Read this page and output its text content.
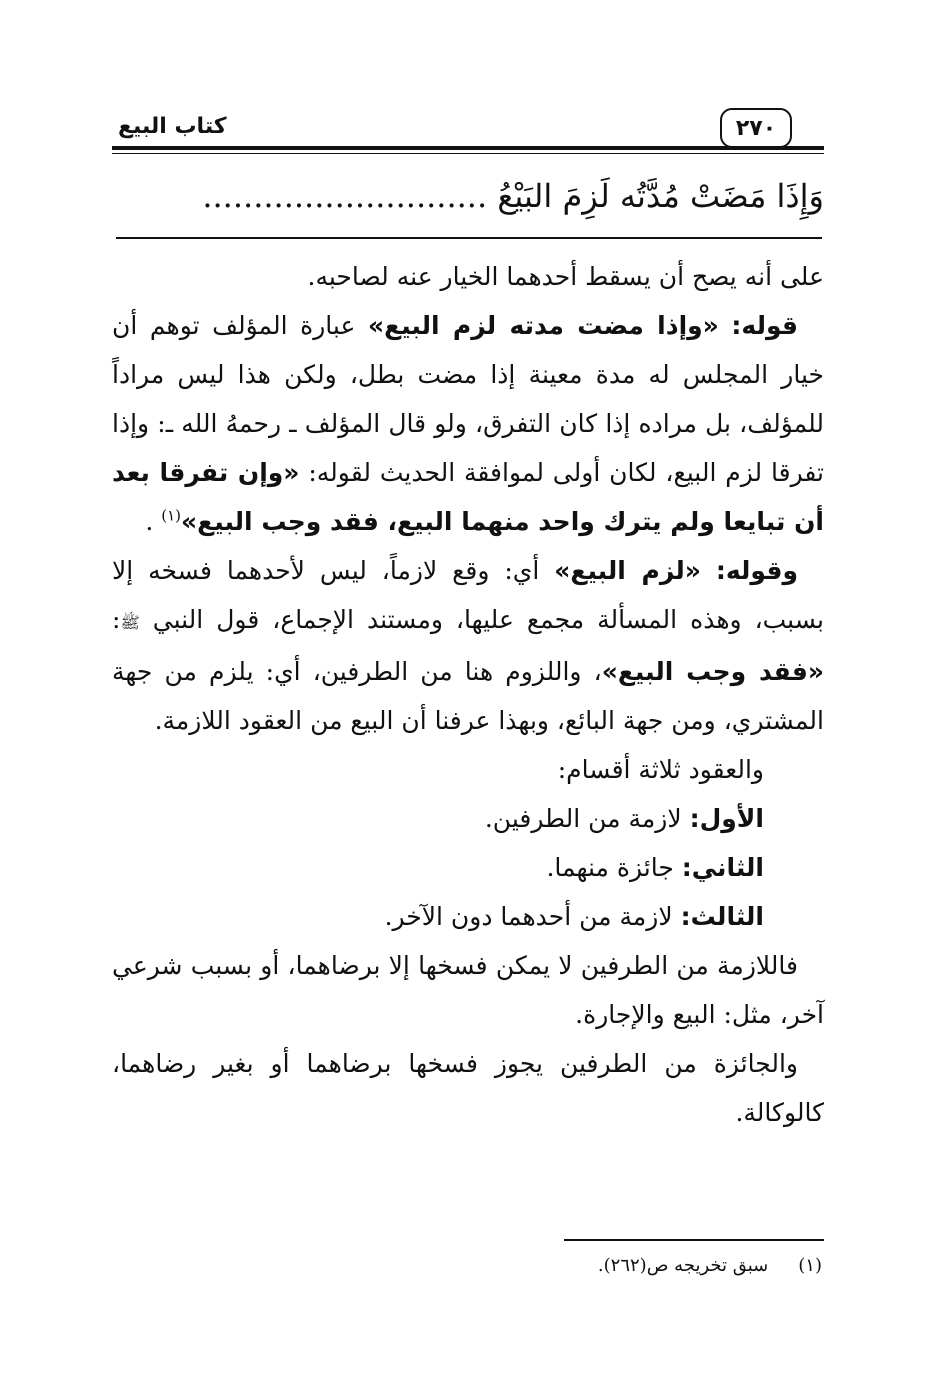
كتاب البيع	٢٧٠
وَإِذَا مَضَتْ مُدَّتُه لَزِمَ البَيْعُ ............................

على أنه يصح أن يسقط أحدهما الخيار عنه لصاحبه.

قوله: «وإذا مضت مدته لزم البيع» عبارة المؤلف توهم أن خيار المجلس له مدة معينة إذا مضت بطل، ولكن هذا ليس مراداً للمؤلف، بل مراده إذا كان التفرق، ولو قال المؤلف ـ رحمهُ الله ـ: وإذا تفرقا لزم البيع، لكان أولى لموافقة الحديث لقوله: «وإن تفرقا بعد أن تبايعا ولم يترك واحد منهما البيع، فقد وجب البيع»$^{(١)}$ .

وقوله: «لزم البيع» أي: وقع لازماً، ليس لأحدهما فسخه إلا بسبب، وهذه المسألة مجمع عليها، ومستند الإجماع، قول النبي ﷺ: «فقد وجب البيع»، واللزوم هنا من الطرفين، أي: يلزم من جهة المشتري، ومن جهة البائع، وبهذا عرفنا أن البيع من العقود اللازمة.

والعقود ثلاثة أقسام:

الأول: لازمة من الطرفين.

الثاني: جائزة منهما.

الثالث: لازمة من أحدهما دون الآخر.

فاللازمة من الطرفين لا يمكن فسخها إلا برضاهما، أو بسبب شرعي آخر، مثل: البيع والإجارة.

والجائزة من الطرفين يجوز فسخها برضاهما أو بغير رضاهما، كالوكالة.

(١)سبق تخريجه ص(٢٦٢).
